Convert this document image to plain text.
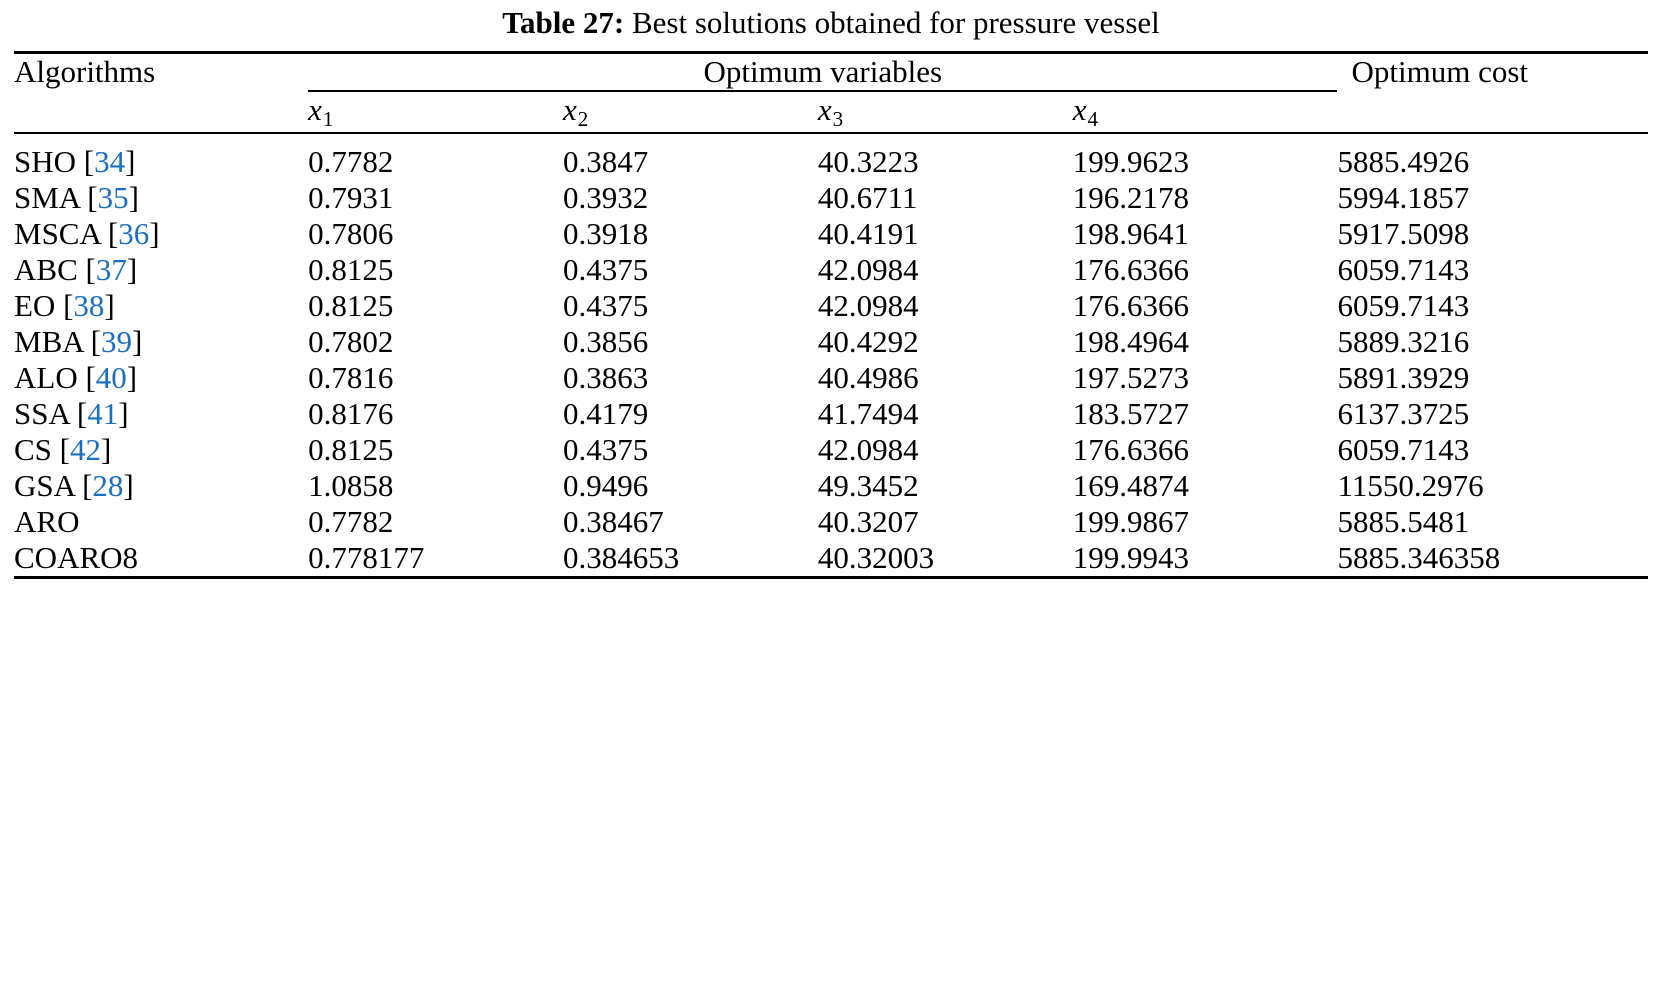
Table 27: Best solutions obtained for pressure vessel
Algorithms	Optimum variables				Optimum cost

	$x_1$	$x_2$	$x_3$	$x_4$	

SHO [34]	0.7782	0.3847	40.3223	199.9623	5885.4926
SMA [35]	0.7931	0.3932	40.6711	196.2178	5994.1857
MSCA [36]	0.7806	0.3918	40.4191	198.9641	5917.5098
ABC [37]	0.8125	0.4375	42.0984	176.6366	6059.7143
EO [38]	0.8125	0.4375	42.0984	176.6366	6059.7143
MBA [39]	0.7802	0.3856	40.4292	198.4964	5889.3216
ALO [40]	0.7816	0.3863	40.4986	197.5273	5891.3929
SSA [41]	0.8176	0.4179	41.7494	183.5727	6137.3725
CS [42]	0.8125	0.4375	42.0984	176.6366	6059.7143
GSA [28]	1.0858	0.9496	49.3452	169.4874	11550.2976
ARO	0.7782	0.38467	40.3207	199.9867	5885.5481
COARO8	0.778177	0.384653	40.32003	199.9943	5885.346358
